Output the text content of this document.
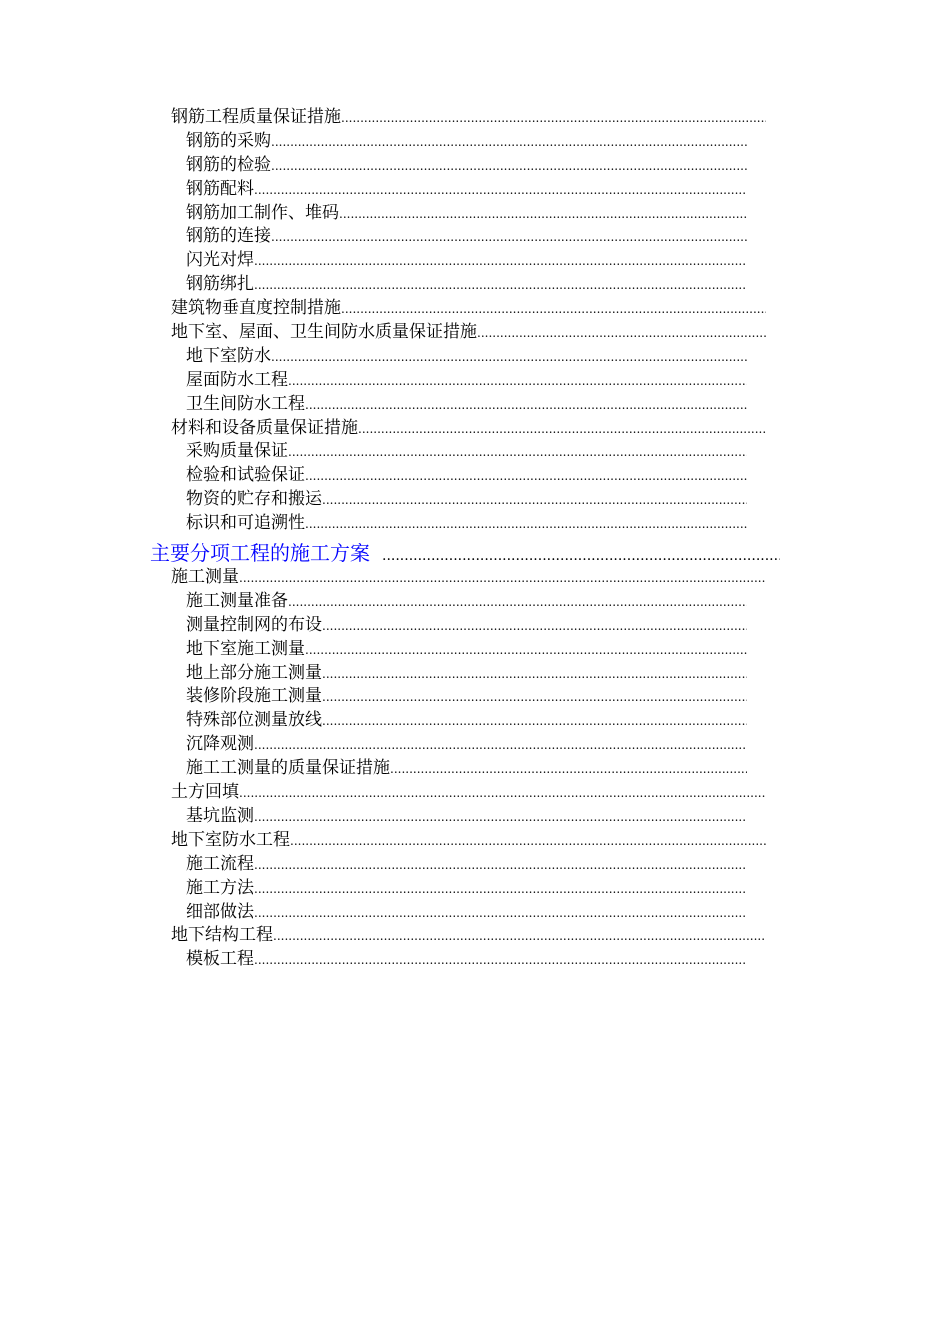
钢筋工程质量保证措施
.....
钢筋的采购
.....
钢筋的检验
.....
钢筋配料
.....
钢筋加工制作、堆码
.....
钢筋的连接
.....
闪光对焊
.....
钢筋绑扎
.....
建筑物垂直度控制措施
.....
地下室、屋面、卫生间防水质量保证措施
.....
地下室防水
.....
屋面防水工程
.....
卫生间防水工程
.....
材料和设备质量保证措施
.....
采购质量保证
.....
检验和试验保证
.....
物资的贮存和搬运
.....
标识和可追溯性
.....
主要分项工程的施工方案
.....
施工测量
.....
施工测量准备
.....
测量控制网的布设
.....
地下室施工测量
.....
地上部分施工测量
.....
装修阶段施工测量
.....
特殊部位测量放线
.....
沉降观测
.....
施工工测量的质量保证措施
.....
土方回填
.....
基坑监测
.....
地下室防水工程
.....
施工流程
.....
施工方法
.....
细部做法
.....
地下结构工程
.....
模板工程
.....
